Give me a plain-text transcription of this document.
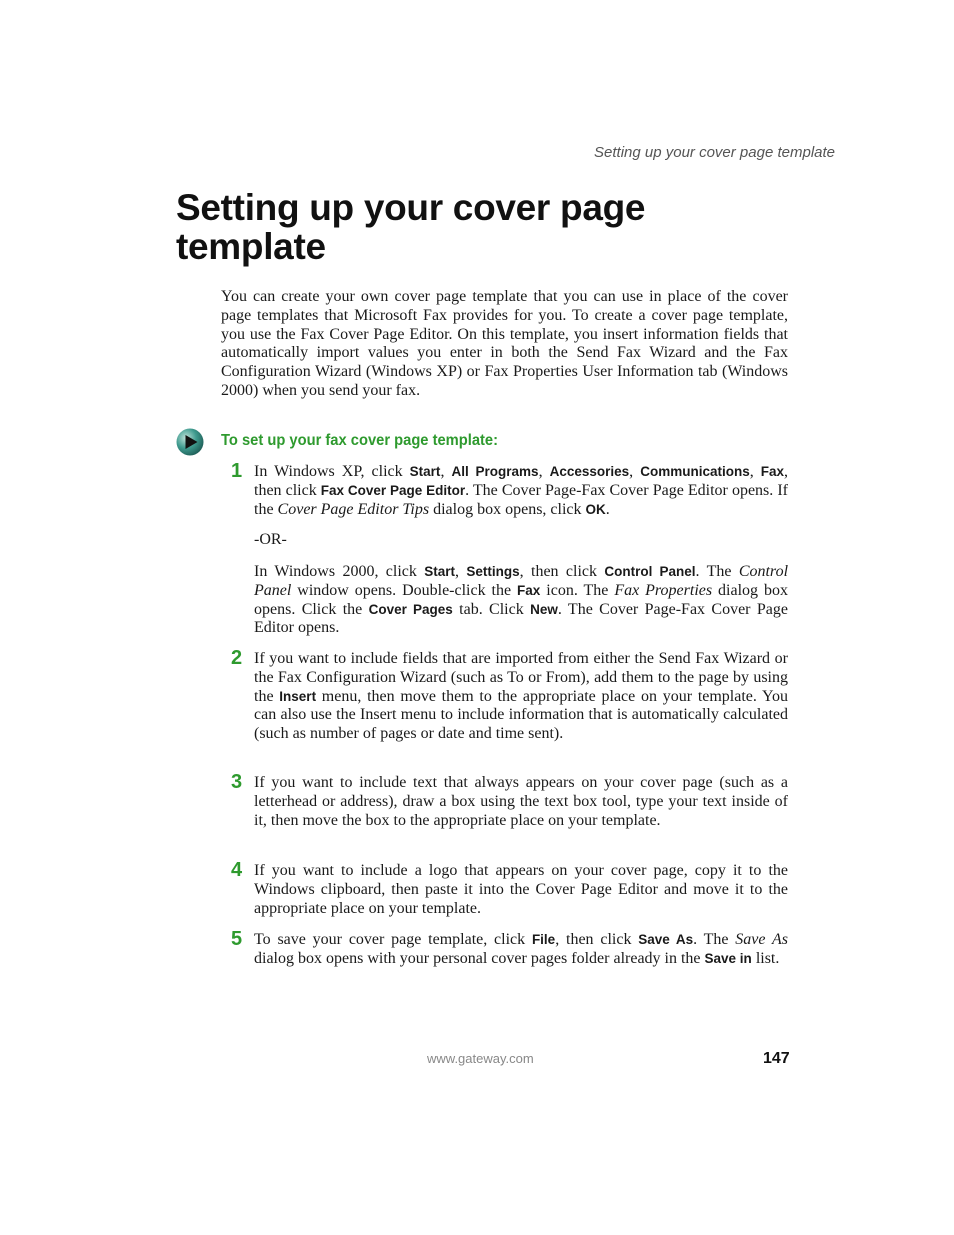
Setting up your cover page template
Setting up your cover page template

You can create your own cover page template that you can use in place of the cover page templates that Microsoft Fax provides for you. To create a cover page template, you use the Fax Cover Page Editor. On this template, you insert information fields that automatically import values you enter in both the Send Fax Wizard and the Fax Configuration Wizard (Windows XP) or Fax Properties User Information tab (Windows 2000) when you send your fax.

To set up your fax cover page template:
1 In Windows XP, click Start, All Programs, Accessories, Communications, Fax, then click Fax Cover Page Editor. The Cover Page-Fax Cover Page Editor opens. If the Cover Page Editor Tips dialog box opens, click OK.

-OR-

In Windows 2000, click Start, Settings, then click Control Panel. The Control Panel window opens. Double-click the Fax icon. The Fax Properties dialog box opens. Click the Cover Pages tab. Click New. The Cover Page-Fax Cover Page Editor opens.

2 If you want to include fields that are imported from either the Send Fax Wizard or the Fax Configuration Wizard (such as To or From), add them to the page by using the Insert menu, then move them to the appropriate place on your template. You can also use the Insert menu to include information that is automatically calculated (such as number of pages or date and time sent).

3 If you want to include text that always appears on your cover page (such as a letterhead or address), draw a box using the text box tool, type your text inside of it, then move the box to the appropriate place on your template.

4 If you want to include a logo that appears on your cover page, copy it to the Windows clipboard, then paste it into the Cover Page Editor and move it to the appropriate place on your template.

5 To save your cover page template, click File, then click Save As. The Save As dialog box opens with your personal cover pages folder already in the Save in list.

www.gateway.com	147
